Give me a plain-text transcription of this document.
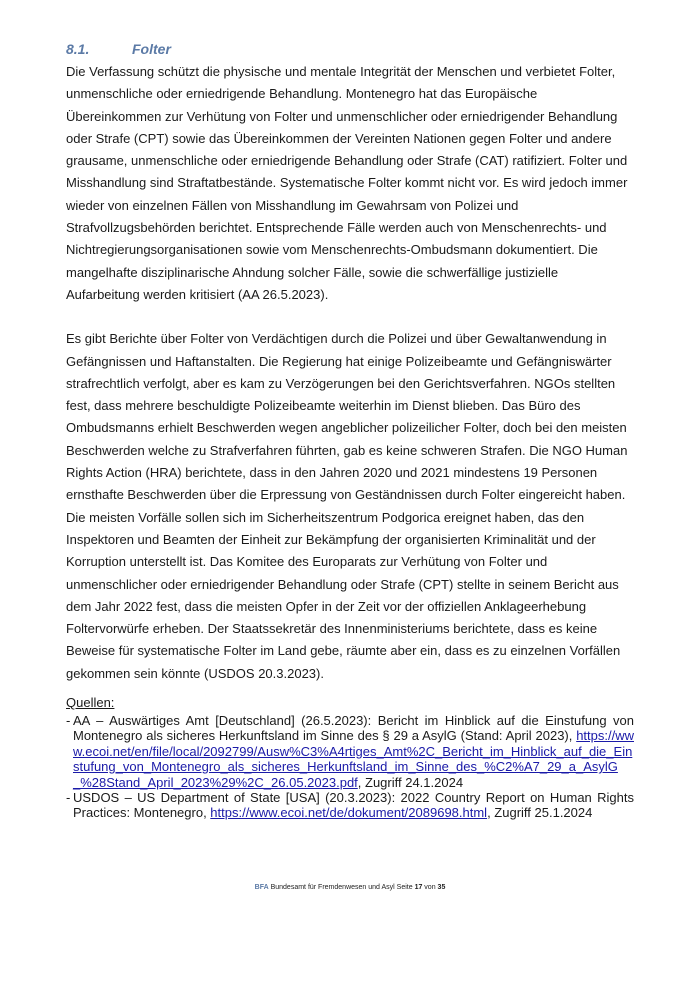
8.1.	Folter

Die Verfassung schützt die physische und mentale Integrität der Menschen und verbietet Folter, unmenschliche oder erniedrigende Behandlung. Montenegro hat das Europäische Übereinkommen zur Verhütung von Folter und unmenschlicher oder erniedrigender Behandlung oder Strafe (CPT) sowie das Übereinkommen der Vereinten Nationen gegen Folter und andere grausame, unmenschliche oder erniedrigende Behandlung oder Strafe (CAT) ratifiziert. Folter und Misshandlung sind Straftatbestände. Systematische Folter kommt nicht vor. Es wird jedoch immer wieder von einzelnen Fällen von Misshandlung im Gewahrsam von Polizei und Strafvollzugsbehörden berichtet. Entsprechende Fälle werden auch von Menschenrechts- und Nichtregierungsorganisationen sowie vom Menschenrechts-Ombudsmann dokumentiert. Die mangelhafte disziplinarische Ahndung solcher Fälle, sowie die schwerfällige justizielle Aufarbeitung werden kritisiert (AA 26.5.2023).

Es gibt Berichte über Folter von Verdächtigen durch die Polizei und über Gewaltanwendung in Gefängnissen und Haftanstalten. Die Regierung hat einige Polizeibeamte und Gefängniswärter strafrechtlich verfolgt, aber es kam zu Verzögerungen bei den Gerichtsverfahren. NGOs stellten fest, dass mehrere beschuldigte Polizeibeamte weiterhin im Dienst blieben. Das Büro des Ombudsmanns erhielt Beschwerden wegen angeblicher polizeilicher Folter, doch bei den meisten Beschwerden welche zu Strafverfahren führten, gab es keine schweren Strafen. Die NGO Human Rights Action (HRA) berichtete, dass in den Jahren 2020 und 2021 mindestens 19 Personen ernsthafte Beschwerden über die Erpressung von Geständnissen durch Folter eingereicht haben. Die meisten Vorfälle sollen sich im Sicherheitszentrum Podgorica ereignet haben, das den Inspektoren und Beamten der Einheit zur Bekämpfung der organisierten Kriminalität und der Korruption unterstellt ist. Das Komitee des Europarats zur Verhütung von Folter und unmenschlicher oder erniedrigender Behandlung oder Strafe (CPT) stellte in seinem Bericht aus dem Jahr 2022 fest, dass die meisten Opfer in der Zeit vor der offiziellen Anklageerhebung Foltervorwürfe erheben. Der Staatssekretär des Innenministeriums berichtete, dass es keine Beweise für systematische Folter im Land gebe, räumte aber ein, dass es zu einzelnen Vorfällen gekommen sein könnte (USDOS 20.3.2023).

Quellen:
- AA – Auswärtiges Amt [Deutschland] (26.5.2023): Bericht im Hinblick auf die Einstufung von Montenegro als sicheres Herkunftsland im Sinne des § 29 a AsylG (Stand: April 2023), https://www.ecoi.net/en/file/local/2092799/Ausw%C3%A4rtiges_Amt%2C_Bericht_im_Hinblick_auf_die_Einstufung_von_Montenegro_als_sicheres_Herkunftsland_im_Sinne_des_%C2%A7_29_a_AsylG_%28Stand_April_2023%29%2C_26.05.2023.pdf, Zugriff 24.1.2024
- USDOS – US Department of State [USA] (20.3.2023): 2022 Country Report on Human Rights Practices: Montenegro, https://www.ecoi.net/de/dokument/2089698.html, Zugriff 25.1.2024
BFA Bundesamt für Fremdenwesen und Asyl Seite 17 von 35
